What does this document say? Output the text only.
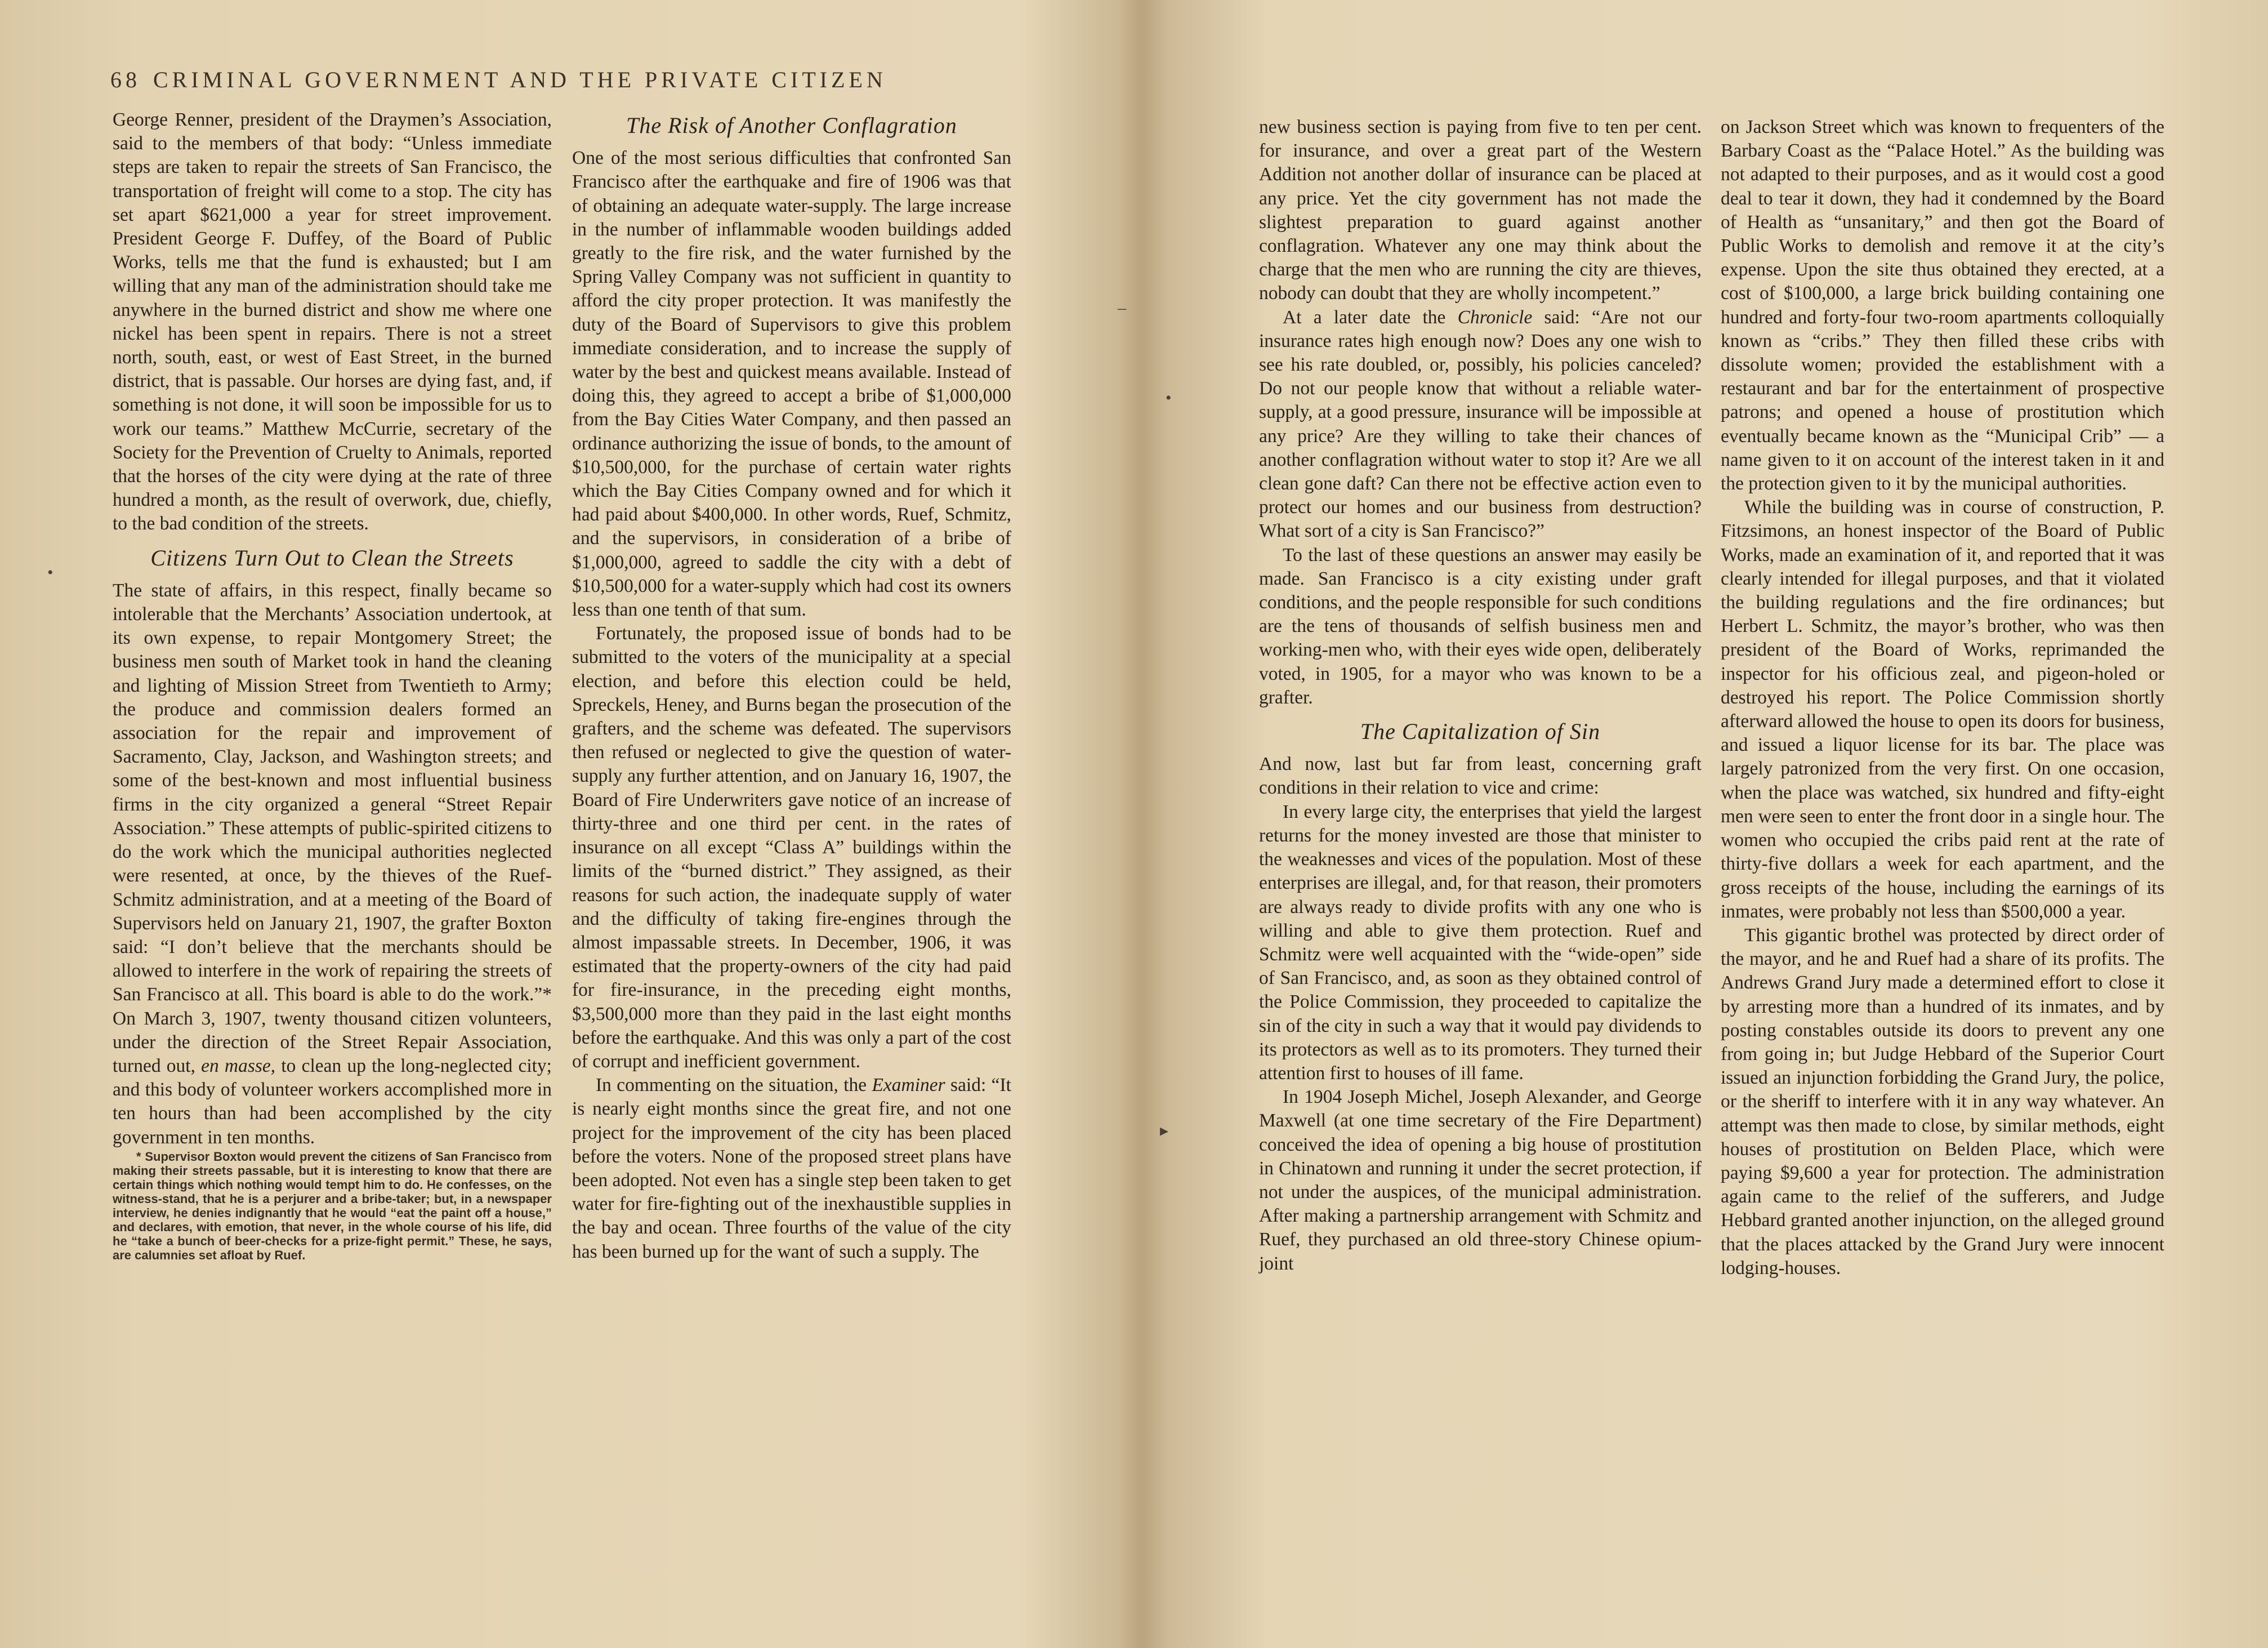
68 CRIMINAL GOVERNMENT AND THE PRIVATE CITIZEN

George Renner, president of the Draymen’s Association, said to the members of that body: “Unless immediate steps are taken to repair the streets of San Francisco, the transportation of freight will come to a stop. The city has set apart $621,000 a year for street improvement. President George F. Duffey, of the Board of Public Works, tells me that the fund is exhausted; but I am willing that any man of the administration should take me anywhere in the burned district and show me where one nickel has been spent in repairs. There is not a street north, south, east, or west of East Street, in the burned district, that is passable. Our horses are dying fast, and, if something is not done, it will soon be impossible for us to work our teams.” Matthew McCurrie, secretary of the Society for the Prevention of Cruelty to Animals, reported that the horses of the city were dying at the rate of three hundred a month, as the result of overwork, due, chiefly, to the bad condition of the streets.

Citizens Turn Out to Clean the Streets

The state of affairs, in this respect, finally became so intolerable that the Merchants’ Association undertook, at its own expense, to repair Montgomery Street; the business men south of Market took in hand the cleaning and lighting of Mission Street from Twentieth to Army; the produce and commission dealers formed an association for the repair and improvement of Sacramento, Clay, Jackson, and Washington streets; and some of the best-known and most influential business firms in the city organized a general “Street Repair Association.” These attempts of public-spirited citizens to do the work which the municipal authorities neglected were resented, at once, by the thieves of the Ruef-Schmitz administration, and at a meeting of the Board of Supervisors held on January 21, 1907, the grafter Boxton said: “I don’t believe that the merchants should be allowed to interfere in the work of repairing the streets of San Francisco at all. This board is able to do the work.”* On March 3, 1907, twenty thousand citizen volunteers, under the direction of the Street Repair Association, turned out, en masse, to clean up the long-neglected city; and this body of volunteer workers accomplished more in ten hours than had been accomplished by the city government in ten months.

* Supervisor Boxton would prevent the citizens of San Francisco from making their streets passable, but it is interesting to know that there are certain things which nothing would tempt him to do. He confesses, on the witness-stand, that he is a perjurer and a bribe-taker; but, in a newspaper interview, he denies indignantly that he would “eat the paint off a house,” and declares, with emotion, that never, in the whole course of his life, did he “take a bunch of beer-checks for a prize-fight permit.” These, he says, are calumnies set afloat by Ruef.

The Risk of Another Conflagration

One of the most serious difficulties that confronted San Francisco after the earthquake and fire of 1906 was that of obtaining an adequate water-supply. The large increase in the number of inflammable wooden buildings added greatly to the fire risk, and the water furnished by the Spring Valley Company was not sufficient in quantity to afford the city proper protection. It was manifestly the duty of the Board of Supervisors to give this problem immediate consideration, and to increase the supply of water by the best and quickest means available. Instead of doing this, they agreed to accept a bribe of $1,000,000 from the Bay Cities Water Company, and then passed an ordinance authorizing the issue of bonds, to the amount of $10,500,000, for the purchase of certain water rights which the Bay Cities Company owned and for which it had paid about $400,000. In other words, Ruef, Schmitz, and the supervisors, in consideration of a bribe of $1,000,000, agreed to saddle the city with a debt of $10,500,000 for a water-supply which had cost its owners less than one tenth of that sum.

Fortunately, the proposed issue of bonds had to be submitted to the voters of the municipality at a special election, and before this election could be held, Spreckels, Heney, and Burns began the prosecution of the grafters, and the scheme was defeated. The supervisors then refused or neglected to give the question of water-supply any further attention, and on January 16, 1907, the Board of Fire Underwriters gave notice of an increase of thirty-three and one third per cent. in the rates of insurance on all except “Class A” buildings within the limits of the “burned district.” They assigned, as their reasons for such action, the inadequate supply of water and the difficulty of taking fire-engines through the almost impassable streets. In December, 1906, it was estimated that the property-owners of the city had paid for fire-insurance, in the preceding eight months, $3,500,000 more than they paid in the last eight months before the earthquake. And this was only a part of the cost of corrupt and inefficient government.

In commenting on the situation, the Examiner said: “It is nearly eight months since the great fire, and not one project for the improvement of the city has been placed before the voters. None of the proposed street plans have been adopted. Not even has a single step been taken to get water for fire-fighting out of the inexhaustible supplies in the bay and ocean. Three fourths of the value of the city has been burned up for the want of such a supply. The

new business section is paying from five to ten per cent. for insurance, and over a great part of the Western Addition not another dollar of insurance can be placed at any price. Yet the city government has not made the slightest preparation to guard against another conflagration. Whatever any one may think about the charge that the men who are running the city are thieves, nobody can doubt that they are wholly incompetent.”

At a later date the Chronicle said: “Are not our insurance rates high enough now? Does any one wish to see his rate doubled, or, possibly, his policies canceled? Do not our people know that without a reliable water-supply, at a good pressure, insurance will be impossible at any price? Are they willing to take their chances of another conflagration without water to stop it? Are we all clean gone daft? Can there not be effective action even to protect our homes and our business from destruction? What sort of a city is San Francisco?”

To the last of these questions an answer may easily be made. San Francisco is a city existing under graft conditions, and the people responsible for such conditions are the tens of thousands of selfish business men and working-men who, with their eyes wide open, deliberately voted, in 1905, for a mayor who was known to be a grafter.

The Capitalization of Sin

And now, last but far from least, concerning graft conditions in their relation to vice and crime:

In every large city, the enterprises that yield the largest returns for the money invested are those that minister to the weaknesses and vices of the population. Most of these enterprises are illegal, and, for that reason, their promoters are always ready to divide profits with any one who is willing and able to give them protection. Ruef and Schmitz were well acquainted with the “wide-open” side of San Francisco, and, as soon as they obtained control of the Police Commission, they proceeded to capitalize the sin of the city in such a way that it would pay dividends to its protectors as well as to its promoters. They turned their attention first to houses of ill fame.

In 1904 Joseph Michel, Joseph Alexander, and George Maxwell (at one time secretary of the Fire Department) conceived the idea of opening a big house of prostitution in Chinatown and running it under the secret protection, if not under the auspices, of the municipal administration. After making a partnership arrangement with Schmitz and Ruef, they purchased an old three-story Chinese opium-joint

on Jackson Street which was known to frequenters of the Barbary Coast as the “Palace Hotel.” As the building was not adapted to their purposes, and as it would cost a good deal to tear it down, they had it condemned by the Board of Health as “unsanitary,” and then got the Board of Public Works to demolish and remove it at the city’s expense. Upon the site thus obtained they erected, at a cost of $100,000, a large brick building containing one hundred and forty-four two-room apartments colloquially known as “cribs.” They then filled these cribs with dissolute women; provided the establishment with a restaurant and bar for the entertainment of prospective patrons; and opened a house of prostitution which eventually became known as the “Municipal Crib” — a name given to it on account of the interest taken in it and the protection given to it by the municipal authorities.

While the building was in course of construction, P. Fitzsimons, an honest inspector of the Board of Public Works, made an examination of it, and reported that it was clearly intended for illegal purposes, and that it violated the building regulations and the fire ordinances; but Herbert L. Schmitz, the mayor’s brother, who was then president of the Board of Works, reprimanded the inspector for his officious zeal, and pigeon-holed or destroyed his report. The Police Commission shortly afterward allowed the house to open its doors for business, and issued a liquor license for its bar. The place was largely patronized from the very first. On one occasion, when the place was watched, six hundred and fifty-eight men were seen to enter the front door in a single hour. The women who occupied the cribs paid rent at the rate of thirty-five dollars a week for each apartment, and the gross receipts of the house, including the earnings of its inmates, were probably not less than $500,000 a year.

This gigantic brothel was protected by direct order of the mayor, and he and Ruef had a share of its profits. The Andrews Grand Jury made a determined effort to close it by arresting more than a hundred of its inmates, and by posting constables outside its doors to prevent any one from going in; but Judge Hebbard of the Superior Court issued an injunction forbidding the Grand Jury, the police, or the sheriff to interfere with it in any way whatever. An attempt was then made to close, by similar methods, eight houses of prostitution on Belden Place, which were paying $9,600 a year for protection. The administration again came to the relief of the sufferers, and Judge Hebbard granted another injunction, on the alleged ground that the places attacked by the Grand Jury were innocent lodging-houses.

•
–
•
▸
